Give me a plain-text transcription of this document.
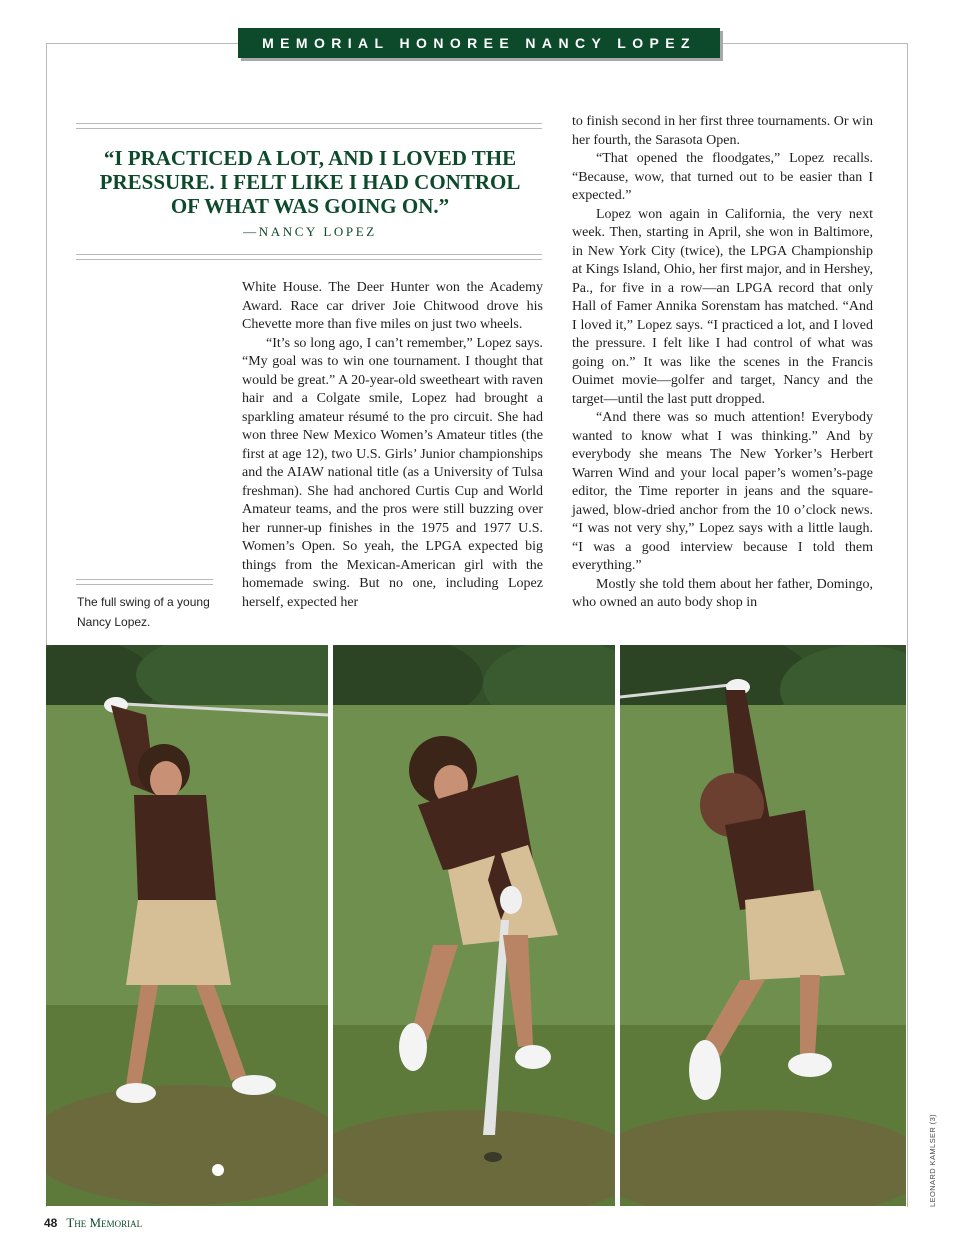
MEMORIAL HONOREE NANCY LOPEZ
“I PRACTICED A LOT, AND I LOVED THE
PRESSURE. I FELT LIKE I HAD CONTROL
OF WHAT WAS GOING ON.”
—NANCY LOPEZ

White House. The Deer Hunter won the Academy Award. Race car driver Joie Chitwood drove his Chevette more than five miles on just two wheels.

“It’s so long ago, I can’t remember,” Lopez says. “My goal was to win one tournament. I thought that would be great.” A 20-year-old sweetheart with raven hair and a Colgate smile, Lopez had brought a sparkling amateur résumé to the pro circuit. She had won three New Mexico Women’s Amateur titles (the first at age 12), two U.S. Girls’ Junior championships and the AIAW national title (as a University of Tulsa freshman). She had anchored Curtis Cup and World Amateur teams, and the pros were still buzzing over her runner-up finishes in the 1975 and 1977 U.S. Women’s Open. So yeah, the LPGA expected big things from the Mexican-American girl with the homemade swing. But no one, including Lopez herself, expected her

to finish second in her first three tournaments. Or win her fourth, the Sarasota Open.

“That opened the floodgates,” Lopez recalls. “Because, wow, that turned out to be easier than I expected.”

Lopez won again in California, the very next week. Then, starting in April, she won in Baltimore, in New York City (twice), the LPGA Championship at Kings Island, Ohio, her first major, and in Hershey, Pa., for five in a row—an LPGA record that only Hall of Famer Annika Sorenstam has matched. “And I loved it,” Lopez says. “I practiced a lot, and I loved the pressure. I felt like I had control of what was going on.” It was like the scenes in the Francis Ouimet movie—golfer and target, Nancy and the target—until the last putt dropped.

“And there was so much attention! Everybody wanted to know what I was thinking.” And by everybody she means The New Yorker’s Herbert Warren Wind and your local paper’s women’s-page editor, the Time reporter in jeans and the square-jawed, blow-dried anchor from the 10 o’clock news. “I was not very shy,” Lopez says with a little laugh. “I was a good interview because I told them everything.”

Mostly she told them about her father, Domingo, who owned an auto body shop in

The full swing of a young Nancy Lopez.
LEONARD KAMLSER (3)
48 The Memorial
